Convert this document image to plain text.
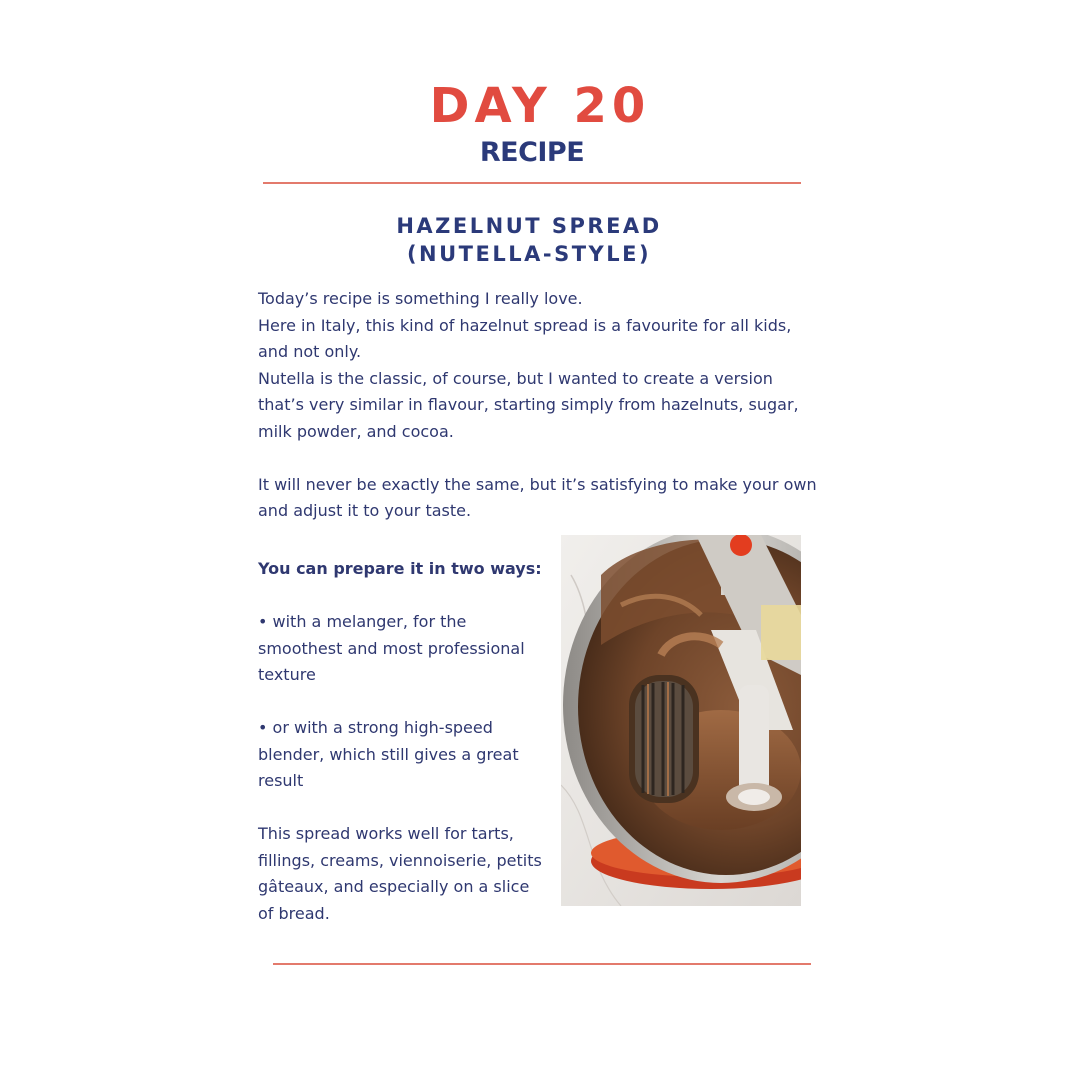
DAY 20
RECIPE
HAZELNUT SPREAD
(NUTELLA-STYLE)

Today’s recipe is something I really love.

Here in Italy, this kind of hazelnut spread is a favourite for all kids, and not only.

Nutella is the classic, of course, but I wanted to create a version that’s very similar in flavour, starting simply from hazelnuts, sugar, milk powder, and cocoa.

It will never be exactly the same, but it’s satisfying to make your own and adjust it to your taste.

You can prepare it in two ways:

• with a melanger, for the smoothest and most professional texture

• or with a strong high-speed blender, which still gives a great result

This spread works well for tarts, fillings, creams, viennoiserie, petits gâteaux, and especially on a slice of bread.
